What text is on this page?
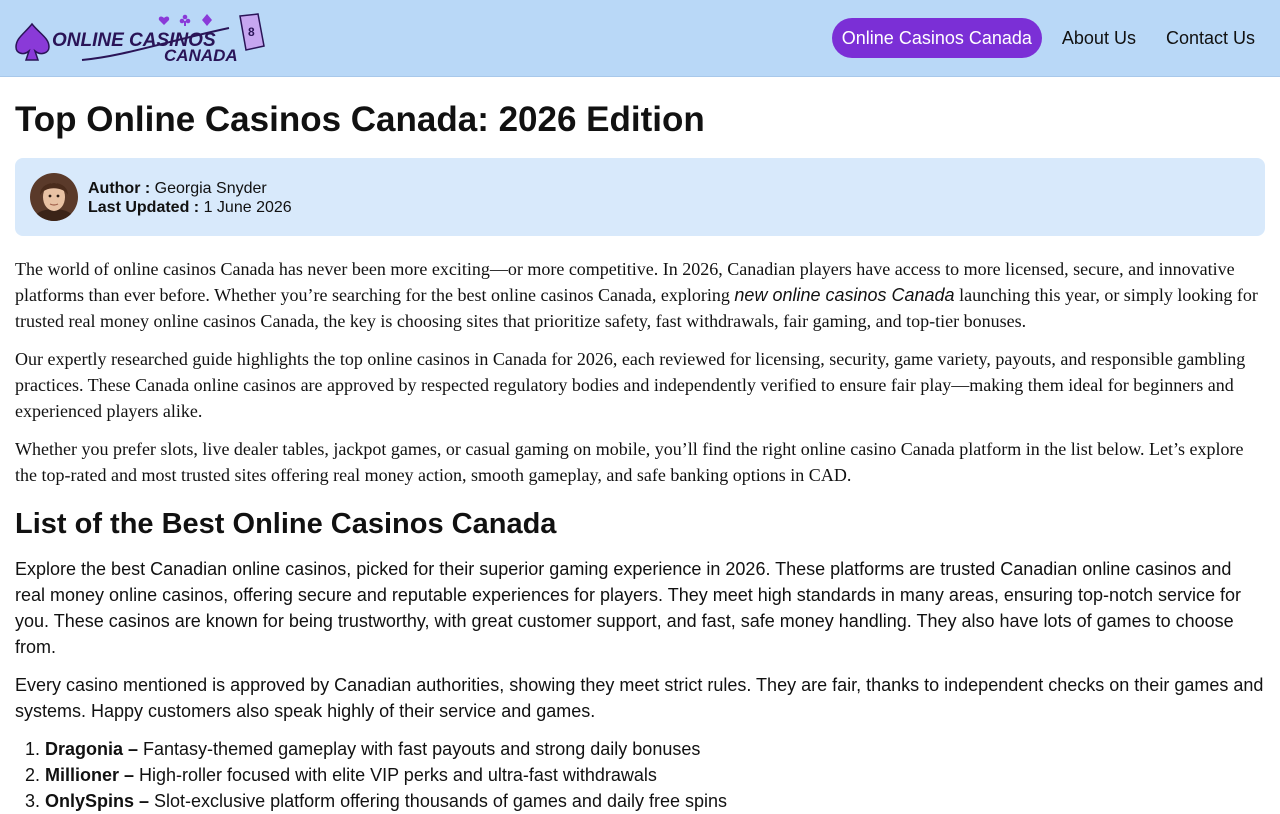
8
ONLINE CASINOS
CANADA
Online Casinos Canada	About Us	Contact Us
Top Online Casinos Canada: 2026 Edition
Author : Georgia Snyder
Last Updated : 1 June 2026

The world of online casinos Canada has never been more exciting—or more competitive. In 2026, Canadian players have access to more licensed, secure, and innovative platforms than ever before. Whether you’re searching for the best online casinos Canada, exploring new online casinos Canada launching this year, or simply looking for trusted real money online casinos Canada, the key is choosing sites that prioritize safety, fast withdrawals, fair gaming, and top-tier bonuses.

Our expertly researched guide highlights the top online casinos in Canada for 2026, each reviewed for licensing, security, game variety, payouts, and responsible gambling practices. These Canada online casinos are approved by respected regulatory bodies and independently verified to ensure fair play—making them ideal for beginners and experienced players alike.

Whether you prefer slots, live dealer tables, jackpot games, or casual gaming on mobile, you’ll find the right online casino Canada platform in the list below. Let’s explore the top-rated and most trusted sites offering real money action, smooth gameplay, and safe banking options in CAD.

List of the Best Online Casinos Canada

Explore the best Canadian online casinos, picked for their superior gaming experience in 2026. These platforms are trusted Canadian online casinos and real money online casinos, offering secure and reputable experiences for players. They meet high standards in many areas, ensuring top-notch service for you. These casinos are known for being trustworthy, with great customer support, and fast, safe money handling. They also have lots of games to choose from.

Every casino mentioned is approved by Canadian authorities, showing they meet strict rules. They are fair, thanks to independent checks on their games and systems. Happy customers also speak highly of their service and games.

1. Dragonia – Fantasy-themed gameplay with fast payouts and strong daily bonuses
2. Millioner – High-roller focused with elite VIP perks and ultra-fast withdrawals
3. OnlySpins – Slot-exclusive platform offering thousands of games and daily free spins
